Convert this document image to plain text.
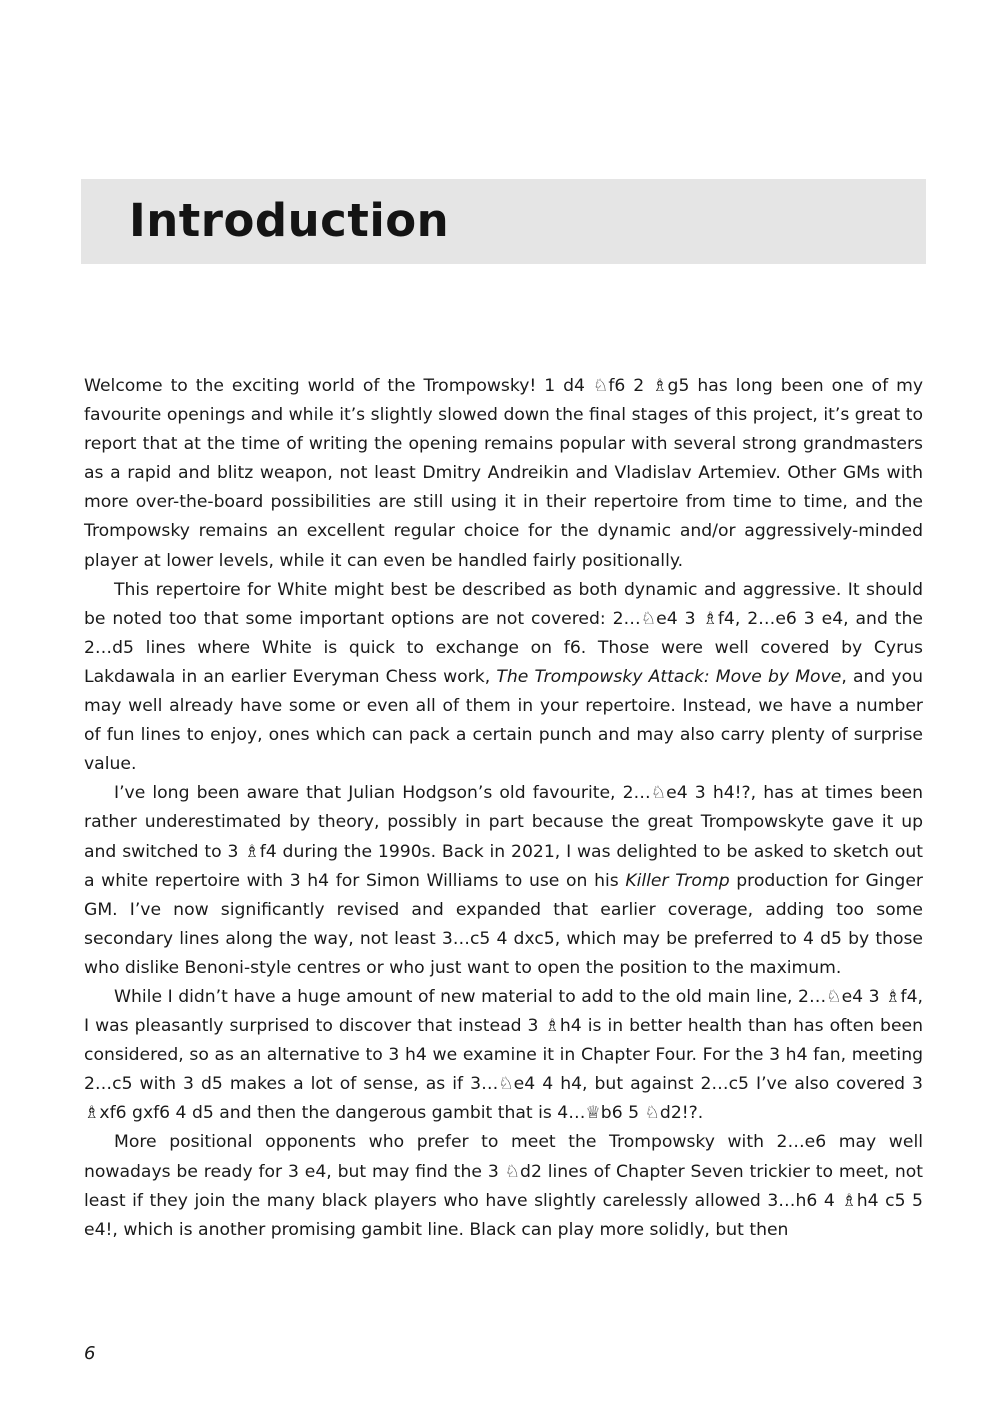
Introduction

Welcome to the exciting world of the Trompowsky! 1 d4 ♘f6 2 ♗g5 has long been one of my favourite openings and while it’s slightly slowed down the final stages of this project, it’s great to report that at the time of writing the opening remains popular with several strong grandmasters as a rapid and blitz weapon, not least Dmitry Andreikin and Vladislav Artemiev. Other GMs with more over-the-board possibilities are still using it in their repertoire from time to time, and the Trompowsky remains an excellent regular choice for the dynamic and/or aggressively-minded player at lower levels, while it can even be handled fairly positionally.

This repertoire for White might best be described as both dynamic and aggressive. It should be noted too that some important options are not covered: 2…♘e4 3 ♗f4, 2…e6 3 e4, and the 2…d5 lines where White is quick to exchange on f6. Those were well covered by Cyrus Lakdawala in an earlier Everyman Chess work, The Trompowsky Attack: Move by Move, and you may well already have some or even all of them in your repertoire. Instead, we have a number of fun lines to enjoy, ones which can pack a certain punch and may also carry plenty of surprise value.

I’ve long been aware that Julian Hodgson’s old favourite, 2…♘e4 3 h4!?, has at times been rather underestimated by theory, possibly in part because the great Trompowskyte gave it up and switched to 3 ♗f4 during the 1990s. Back in 2021, I was delighted to be asked to sketch out a white repertoire with 3 h4 for Simon Williams to use on his Killer Tromp production for Ginger GM. I’ve now significantly revised and expanded that earlier coverage, adding too some secondary lines along the way, not least 3…c5 4 dxc5, which may be preferred to 4 d5 by those who dislike Benoni-style centres or who just want to open the position to the maximum.

While I didn’t have a huge amount of new material to add to the old main line, 2…♘e4 3 ♗f4, I was pleasantly surprised to discover that instead 3 ♗h4 is in better health than has often been considered, so as an alternative to 3 h4 we examine it in Chapter Four. For the 3 h4 fan, meeting 2…c5 with 3 d5 makes a lot of sense, as if 3…♘e4 4 h4, but against 2…c5 I’ve also covered 3 ♗xf6 gxf6 4 d5 and then the dangerous gambit that is 4…♕b6 5 ♘d2!?.

More positional opponents who prefer to meet the Trompowsky with 2…e6 may well nowadays be ready for 3 e4, but may find the 3 ♘d2 lines of Chapter Seven trickier to meet, not least if they join the many black players who have slightly carelessly allowed 3…h6 4 ♗h4 c5 5 e4!, which is another promising gambit line. Black can play more solidly, but then

6
